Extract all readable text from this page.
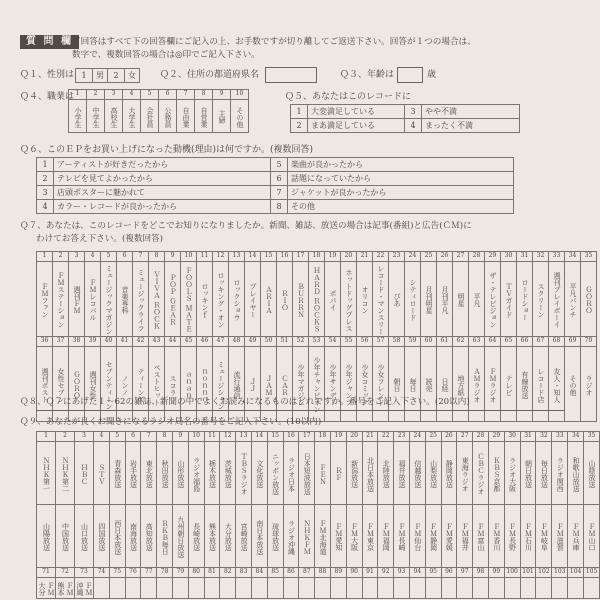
質 問 欄 ご回答はすべて下の回答欄にご記入の上、お手数ですが切り離してご返送下さい。回答が１つの場合は、
数字で、複数回答の場合は◎印でご記入下さい。
Ｑ１、性別は 1	男	2	女	Ｑ２、住所の都道府県名	Ｑ３、年齢は	歳
Ｑ４、職業は 1	2	3	4	5	6	7	8	9	10

小学生	中学生	高校生	大学生	会社員	公務員	自由業	自営業	主婦	その他
Ｑ５、あなたはこのレコードに
1	大変満足している	3	やや不満
2	まあ満足している	4	まったく不満
Ｑ６、このＥＰをお買い上げになった動機(理由)は何ですか。(複数回答)
1	アーティストが好きだったから	5	楽曲が良かったから
2	テレビを見てよかったから	6	話題になっていたから
3	店頭ポスターに魅かれて	7	ジャケットが良かったから
4	カラー・レコードが良かったから	8	その他
Ｑ７、あなたは、このレコードをどこでお知りになりましたか。新聞、雑誌、放送の場合は記事(番組)と広告(ＣＭ)に
わけてお答え下さい。(複数回答)
1	2	3	4	5	6	7	8	9	10	11	12	13	14	15	16	17	18	19	20	21	22	23	24	25	26	27	28	29	30	31	32	33	34	35

ＦＭファン	ＦＭステーション	週刊ＦＭ	ＦＭレコパル	ミュージックマガジン	音楽専科	ミュージックライフ	ＶＩＶＡ ＲＯＣＫ	ＰＯＰ ＧＥＡＲ	ＦＯＯＬＳ ＭＡＴＥ	ロッキンｆ	ロッキング・オン	ロックショウ	プレイヤー	ＡＲＩＡ	ＲＩＯ	ＢＵＲＲＮ	ＨＡＲＤ ＲＯＣＫＳ	ポパイ	ホットドッグプレス	オリコン	レコード・マンスリー	ぴあ	シティロード	月刊明星	月刊平凡	明星	平凡	ザ・テレビジョン	ＴＶガイド	ロードショー	スクリーン	週刊プレイボーイ	平凡パンチ	ＧＯＲＯ

36	37	38	39	40	41	42	43	44	45	46	47	48	49	50	51	52	53	54	55	56	57	58	59	60	61	62	63	64	65	66	67	68	69	70

週刊ポスト	女性セブン	ＧＯＲＯ	週刊女性	セブンティーン	ノンノ	ティーンズ	ベストヒット	スコラ	ａｎａｎ	ｎｏｎｎｏ	ミュージシャン	流行通信	ＪＪ	ＪＡＭ	ＣＡＲ	少年マガジン	少年チャンピオン	少年サンデー	少年ジャンプ	少女コミック	少女フレンド	朝日	毎日	読売	日経	地方紙	ＡＭラジオ	ＦＭラジオ	テレビ	有線放送	レコード店	友人・知人	その他	ラジオ
Ｑ８、Ｑ７にあげた１〜62の雑誌、新聞の中でよくお読みになるものはどれですか。番号をご記入下さい。(20以内)
Ｑ９、あなたが良くお聞きになるラジオ局名の番号をご記入下さい。(10以内)
1	2	3	4	5	6	7	8	9	10	11	12	13	14	15	16	17	18	19	20	21	22	23	24	25	26	27	28	29	30	31	32	33	34	35

ＮＨＫ第一	ＮＨＫ第二	ＨＢＣ	ＳＴＶ	青森放送	岩手放送	東北放送	秋田放送	山形放送	ラジオ福島	栃木放送	茨城放送	ＴＢＳラジオ	文化放送	ニッポン放送	ラジオ日本	日本短波放送	ＦＥＮ	ＲＦ	新潟放送	北日本放送	北陸放送	福井放送	信越放送	山梨放送	静岡放送	東海ラジオ	ＣＢＣラジオ	ＫＢＳ京都	ラジオ大阪	朝日放送	毎日放送	ラジオ関西	和歌山放送	山陰放送

山陽放送	中国放送	山口放送	四国放送	西日本放送	南海放送	高知放送	ＲＫＢ毎日	九州朝日放送	長崎放送	熊本放送	大分放送	宮崎放送	南日本放送	琉球放送	ラジオ沖縄	ＮＨＫＦＭ	ＦＭ北海道	ＦＭ愛知	ＦＭ大阪	ＦＭ東京	ＦＭ福岡	ＦＭ長崎	ＦＭ仙台	ＦＭ静岡	ＦＭ愛媛	ＦＭ福井	ＦＭ富山	ＦＭ香川	ＦＭ長野	ＦＭ石川	ＦＭ岐阜	ＦＭ滋賀	ＦＭ兵庫	ＦＭ山口

71	72	73	74	75	76	77	78	79	80	81	82	83	84	85	86	87	88	89	90	91	92	93	94	95	96	97	98	99	100	101	102	103	104	105

ＦＭ大分	ＦＭ熊本	ＦＭ沖縄																																
